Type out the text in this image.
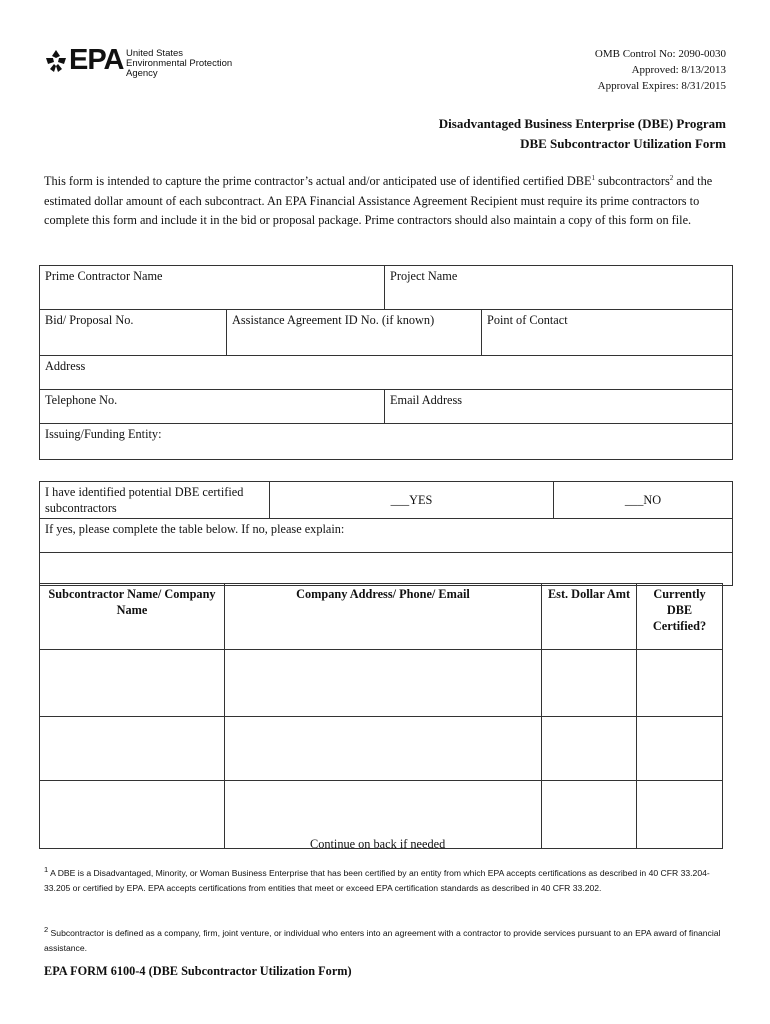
EPA United States
Environmental Protection
Agency
OMB Control No: 2090-0030
Approved: 8/13/2013
Approval Expires: 8/31/2015
Disadvantaged Business Enterprise (DBE) Program
DBE Subcontractor Utilization Form
This form is intended to capture the prime contractor’s actual and/or anticipated use of identified certified DBE$^1$ subcontractors$^2$ and the estimated dollar amount of each subcontract. An EPA Financial Assistance Agreement Recipient must require its prime contractors to complete this form and include it in the bid or proposal package. Prime contractors should also maintain a copy of this form on file.
Prime Contractor Name		Project Name	
Bid/ Proposal No.	Assistance Agreement ID No. (if known)		Point of Contact
Address			
Telephone No.		Email Address	
Issuing/Funding Entity:			
I have identified potential DBE certified subcontractors	___YES	___NO
If yes, please complete the table below. If no, please explain:

Subcontractor Name/ Company Name	Company Address/ Phone/ Email	Est. Dollar Amt	Currently DBE Certified?

Continue on back if needed
$^1$ A DBE is a Disadvantaged, Minority, or Woman Business Enterprise that has been certified by an entity from which EPA accepts certifications as described in 40 CFR 33.204-33.205 or certified by EPA. EPA accepts certifications from entities that meet or exceed EPA certification standards as described in 40 CFR 33.202.
$^2$ Subcontractor is defined as a company, firm, joint venture, or individual who enters into an agreement with a contractor to provide services pursuant to an EPA award of financial assistance.
EPA FORM 6100-4 (DBE Subcontractor Utilization Form)
